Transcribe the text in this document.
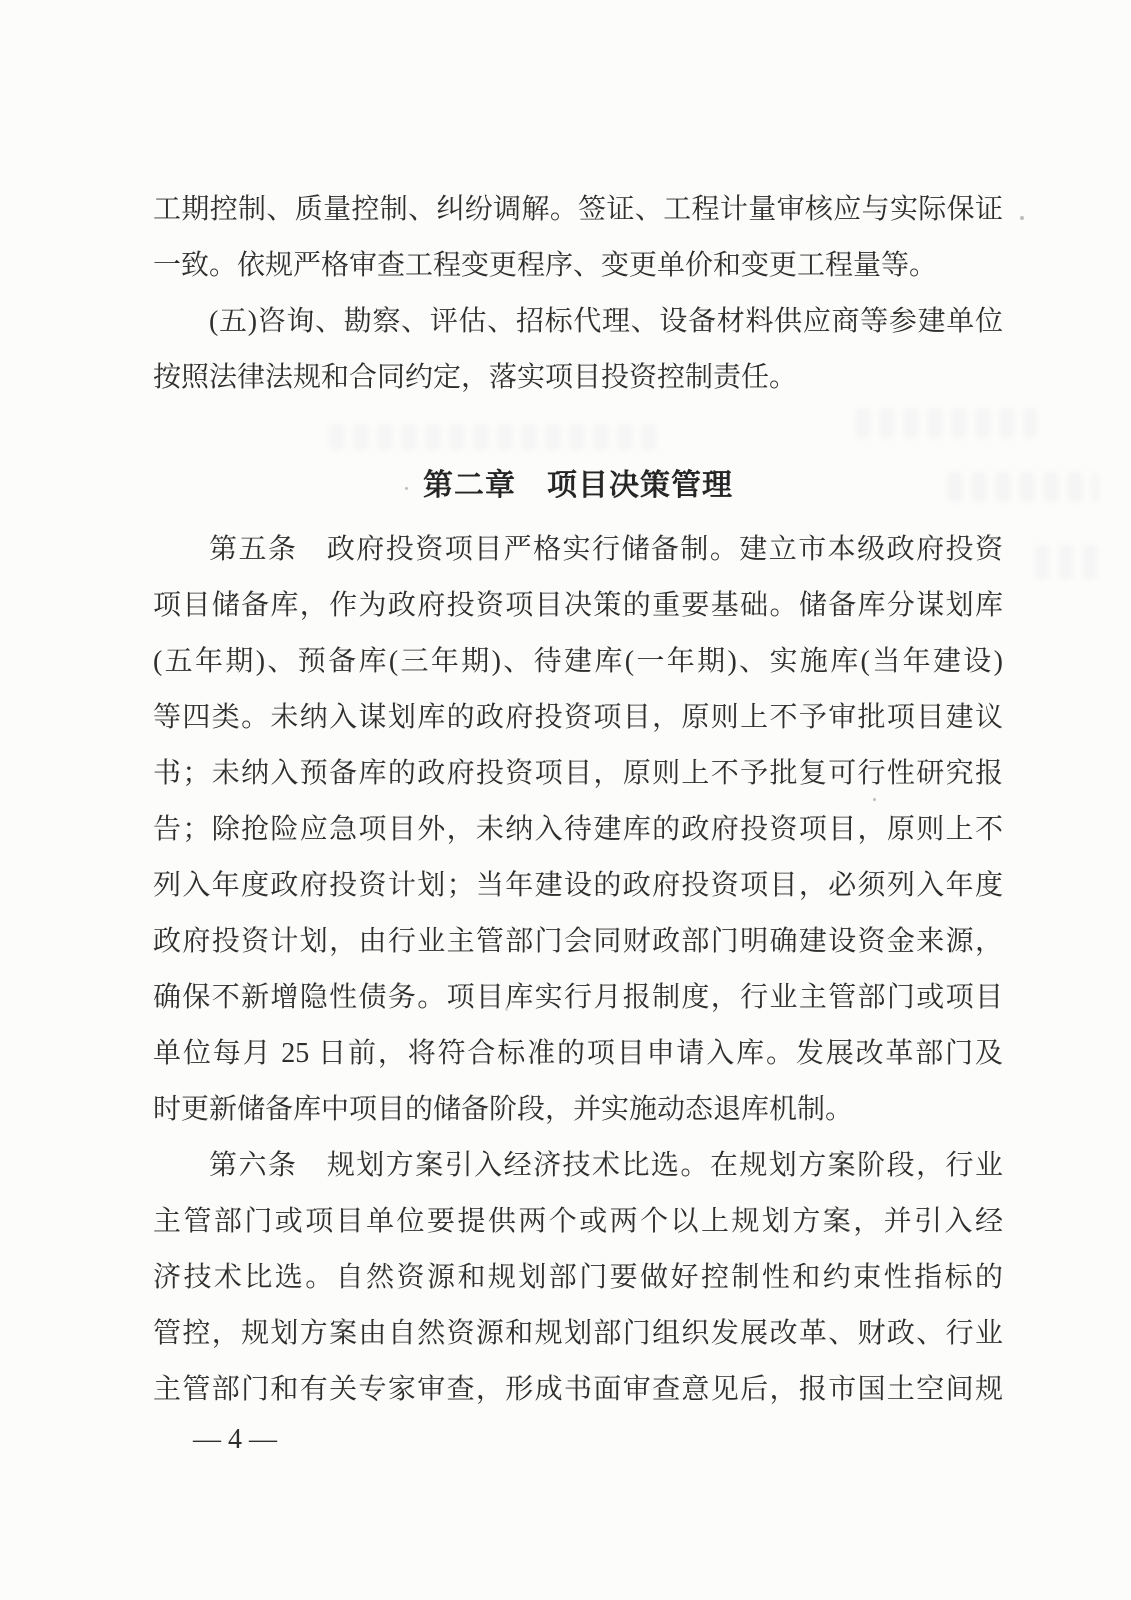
工期控制、质量控制、纠纷调解。签证、工程计量审核应与实际保证
一致。依规严格审查工程变更程序、变更单价和变更工程量等。
(五)咨询、勘察、评估、招标代理、设备材料供应商等参建单位
按照法律法规和合同约定，落实项目投资控制责任。
第二章　项目决策管理
第五条　政府投资项目严格实行储备制。建立市本级政府投资
项目储备库，作为政府投资项目决策的重要基础。储备库分谋划库
(五年期)、预备库(三年期)、待建库(一年期)、实施库(当年建设)
等四类。未纳入谋划库的政府投资项目，原则上不予审批项目建议
书；未纳入预备库的政府投资项目，原则上不予批复可行性研究报
告；除抢险应急项目外，未纳入待建库的政府投资项目，原则上不
列入年度政府投资计划；当年建设的政府投资项目，必须列入年度
政府投资计划，由行业主管部门会同财政部门明确建设资金来源，
确保不新增隐性债务。项目库实行月报制度，行业主管部门或项目
单位每月 25 日前，将符合标准的项目申请入库。发展改革部门及
时更新储备库中项目的储备阶段，并实施动态退库机制。
第六条　规划方案引入经济技术比选。在规划方案阶段，行业
主管部门或项目单位要提供两个或两个以上规划方案，并引入经
济技术比选。自然资源和规划部门要做好控制性和约束性指标的
管控，规划方案由自然资源和规划部门组织发展改革、财政、行业
主管部门和有关专家审查，形成书面审查意见后，报市国土空间规
— 4 —
